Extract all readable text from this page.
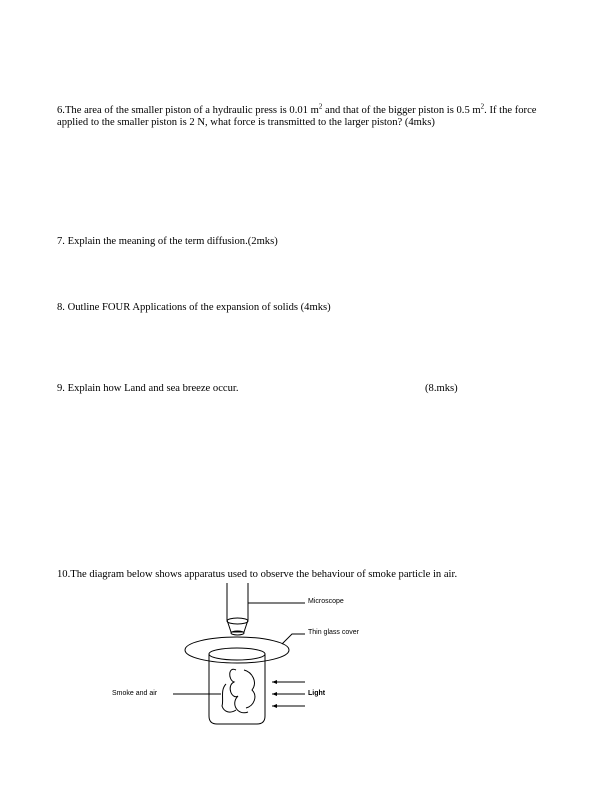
6.The area of the smaller piston of a hydraulic press is 0.01 $m^2$ and that of the bigger piston is 0.5 $m^2$. If the force applied to the smaller piston is 2 N, what force is transmitted to the larger piston? (4mks)
7. Explain the meaning of the term diffusion.(2mks)
8. Outline FOUR Applications of the expansion of solids (4mks)
9. Explain how Land and sea breeze occur.	(8.mks)
10.The diagram below shows apparatus used to observe the behaviour of smoke particle in air.
Microscope
Thin glass cover
Smoke and air	Light
